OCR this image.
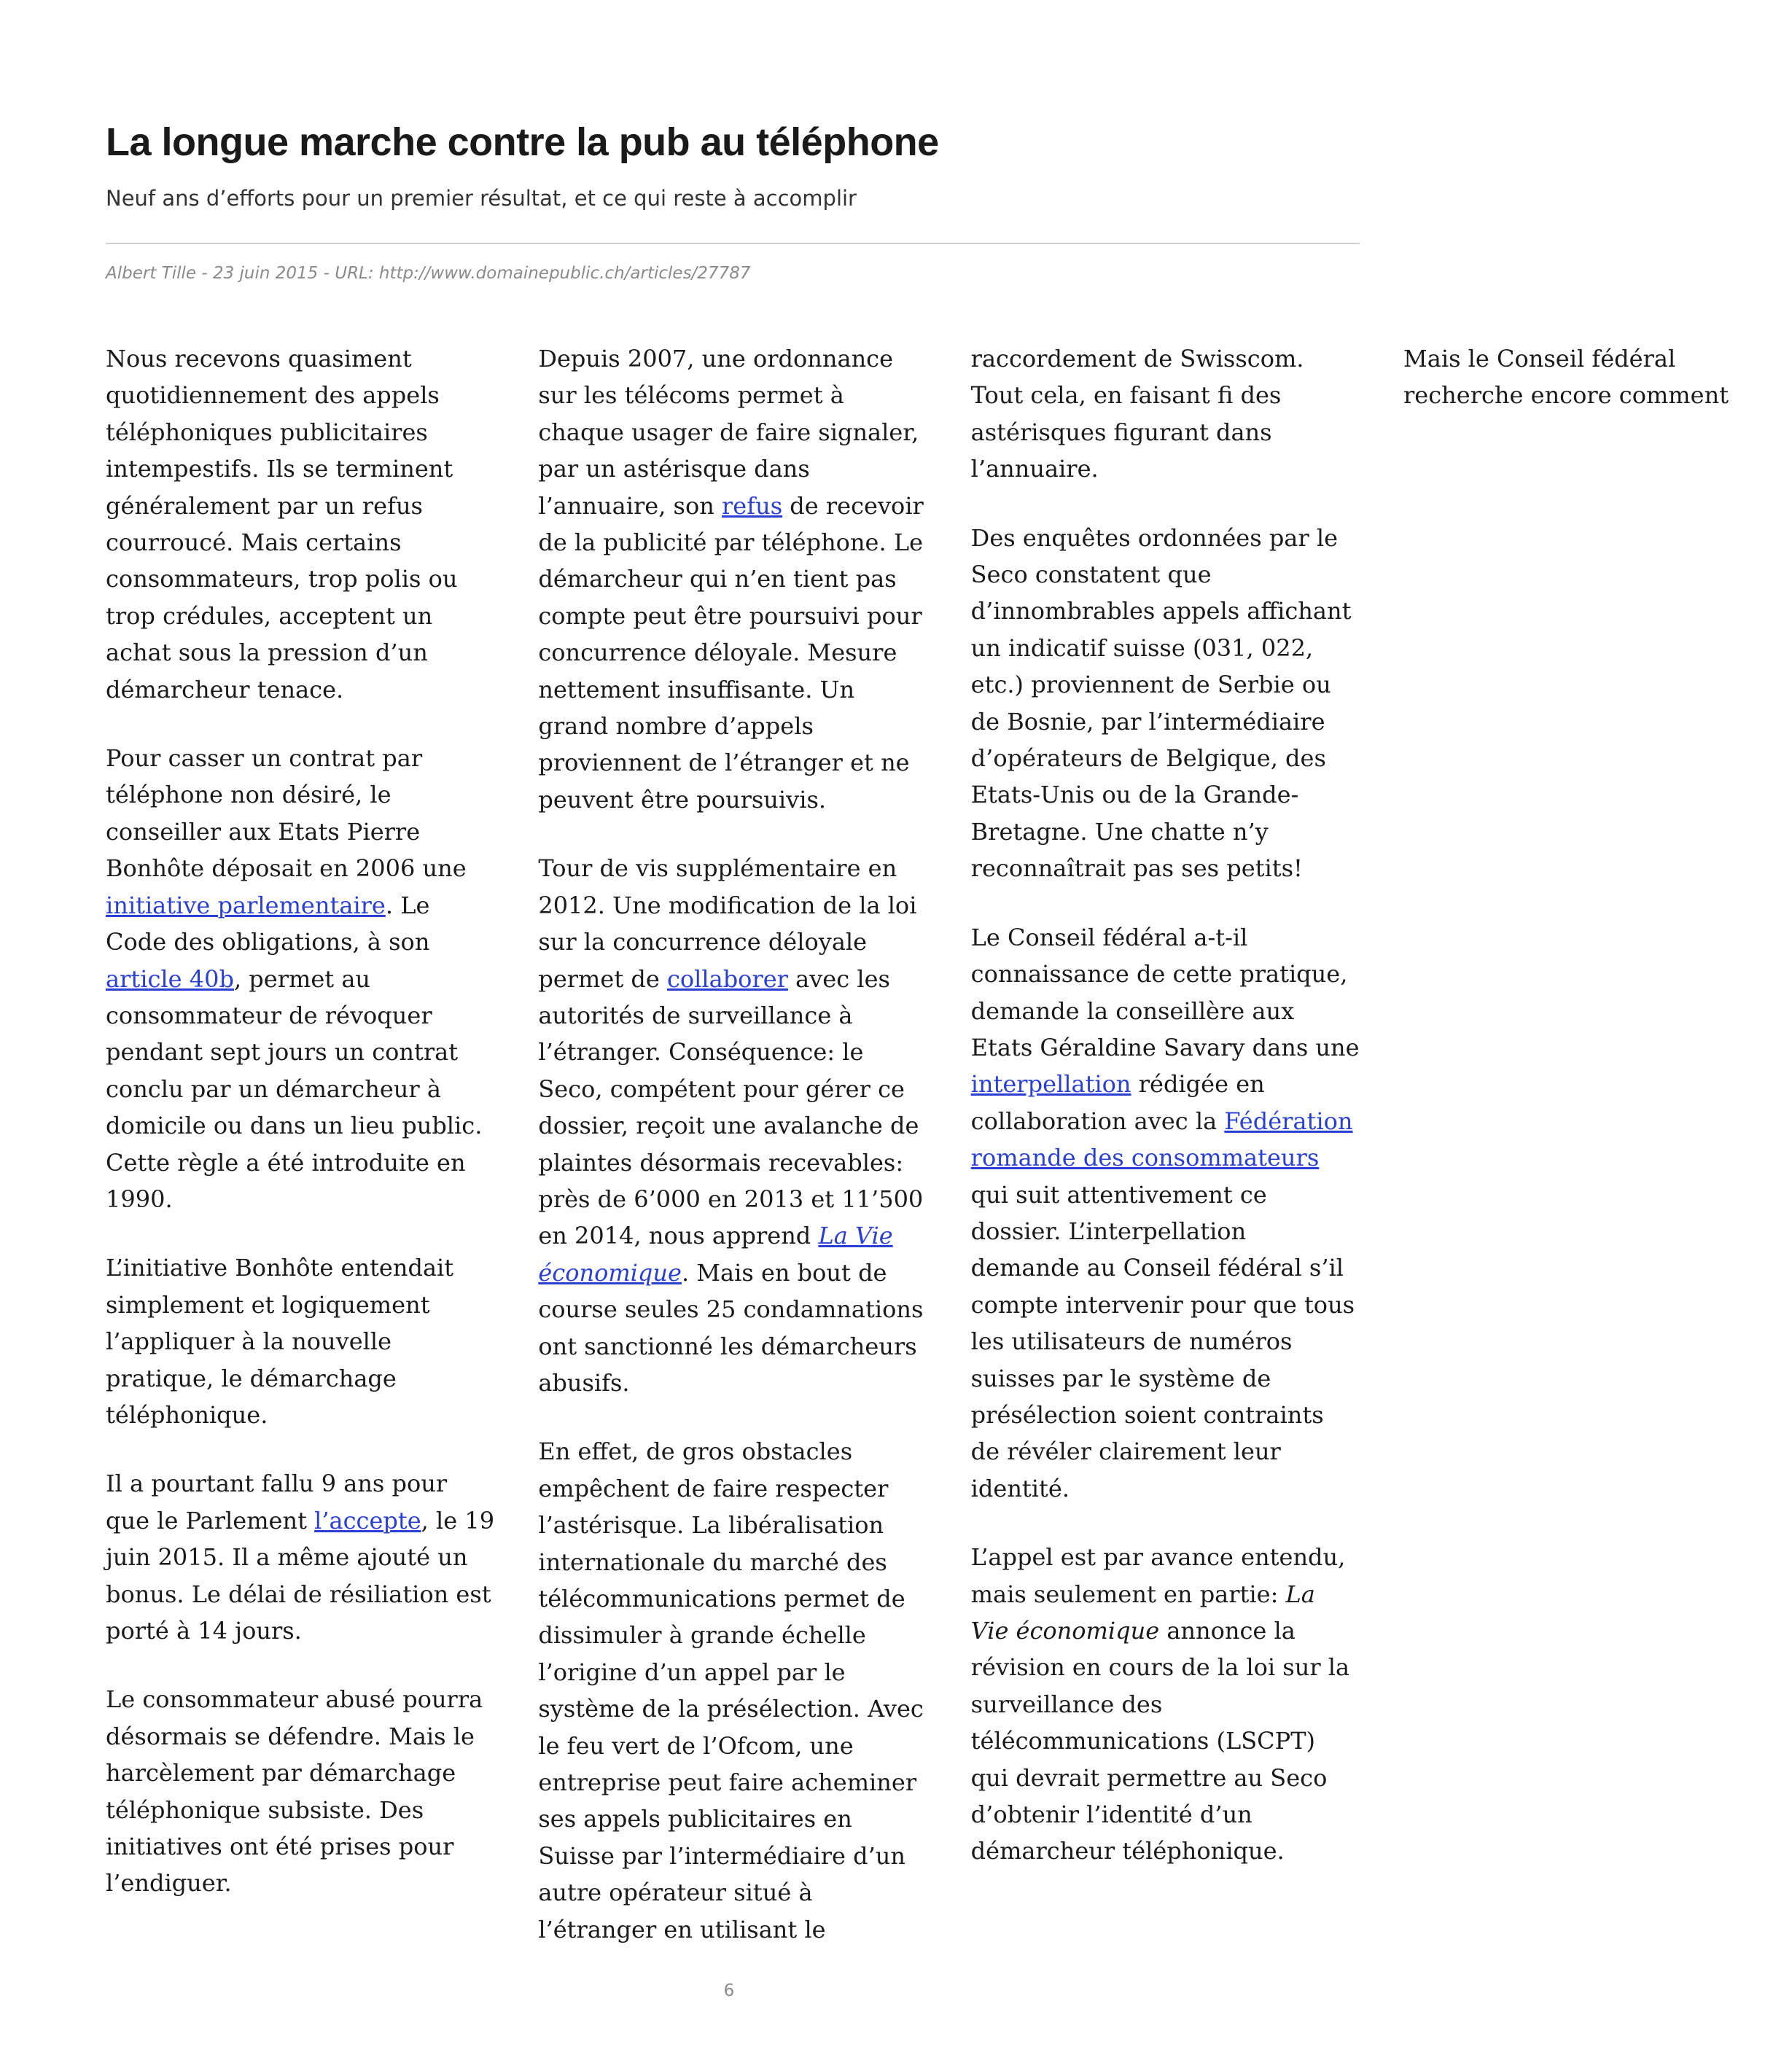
La longue marche contre la pub au téléphone

Neuf ans d’efforts pour un premier résultat, et ce qui reste à accomplir

Albert Tille - 23 juin 2015 - URL: http://www.domainepublic.ch/articles/27787

Nous recevons quasiment quotidiennement des appels téléphoniques publicitaires intempestifs. Ils se terminent généralement par un refus courroucé. Mais certains consommateurs, trop polis ou trop crédules, acceptent un achat sous la pression d’un démarcheur tenace.

Pour casser un contrat par téléphone non désiré, le conseiller aux Etats Pierre Bonhôte déposait en 2006 une initiative parlementaire. Le Code des obligations, à son article 40b, permet au consommateur de révoquer pendant sept jours un contrat conclu par un démarcheur à domicile ou dans un lieu public. Cette règle a été introduite en 1990.

L’initiative Bonhôte entendait simplement et logiquement l’appliquer à la nouvelle pratique, le démarchage téléphonique.

Il a pourtant fallu 9 ans pour que le Parlement l’accepte, le 19 juin 2015. Il a même ajouté un bonus. Le délai de résiliation est porté à 14 jours.

Le consommateur abusé pourra désormais se défendre. Mais le harcèlement par démarchage téléphonique subsiste. Des initiatives ont été prises pour l’endiguer.

Depuis 2007, une ordonnance sur les télécoms permet à chaque usager de faire signaler, par un astérisque dans l’annuaire, son refus de recevoir de la publicité par téléphone. Le démarcheur qui n’en tient pas compte peut être poursuivi pour concurrence déloyale. Mesure nettement insuffisante. Un grand nombre d’appels proviennent de l’étranger et ne peuvent être poursuivis.

Tour de vis supplémentaire en 2012. Une modification de la loi sur la concurrence déloyale permet de collaborer avec les autorités de surveillance à l’étranger. Conséquence: le Seco, compétent pour gérer ce dossier, reçoit une avalanche de plaintes désormais recevables: près de 6’000 en 2013 et 11’500 en 2014, nous apprend La Vie économique. Mais en bout de course seules 25 condamnations ont sanctionné les démarcheurs abusifs.

En effet, de gros obstacles empêchent de faire respecter l’astérisque. La libéralisation internationale du marché des télécommunications permet de dissimuler à grande échelle l’origine d’un appel par le système de la présélection. Avec le feu vert de l’Ofcom, une entreprise peut faire acheminer ses appels publicitaires en Suisse par l’intermédiaire d’un autre opérateur situé à l’étranger en utilisant le raccordement de Swisscom. Tout cela, en faisant fi des astérisques figurant dans l’annuaire.

Des enquêtes ordonnées par le Seco constatent que d’innombrables appels affichant un indicatif suisse (031, 022, etc.) proviennent de Serbie ou de Bosnie, par l’intermédiaire d’opérateurs de Belgique, des Etats-Unis ou de la Grande-Bretagne. Une chatte n’y reconnaîtrait pas ses petits!

Le Conseil fédéral a-t-il connaissance de cette pratique, demande la conseillère aux Etats Géraldine Savary dans une interpellation rédigée en collaboration avec la Fédération romande des consommateurs qui suit attentivement ce dossier. L’interpellation demande au Conseil fédéral s’il compte intervenir pour que tous les utilisateurs de numéros suisses par le système de présélection soient contraints de révéler clairement leur identité.

L’appel est par avance entendu, mais seulement en partie: La Vie économique annonce la révision en cours de la loi sur la surveillance des télécommunications (LSCPT) qui devrait permettre au Seco d’obtenir l’identité d’un démarcheur téléphonique.

Mais le Conseil fédéral recherche encore comment

6
